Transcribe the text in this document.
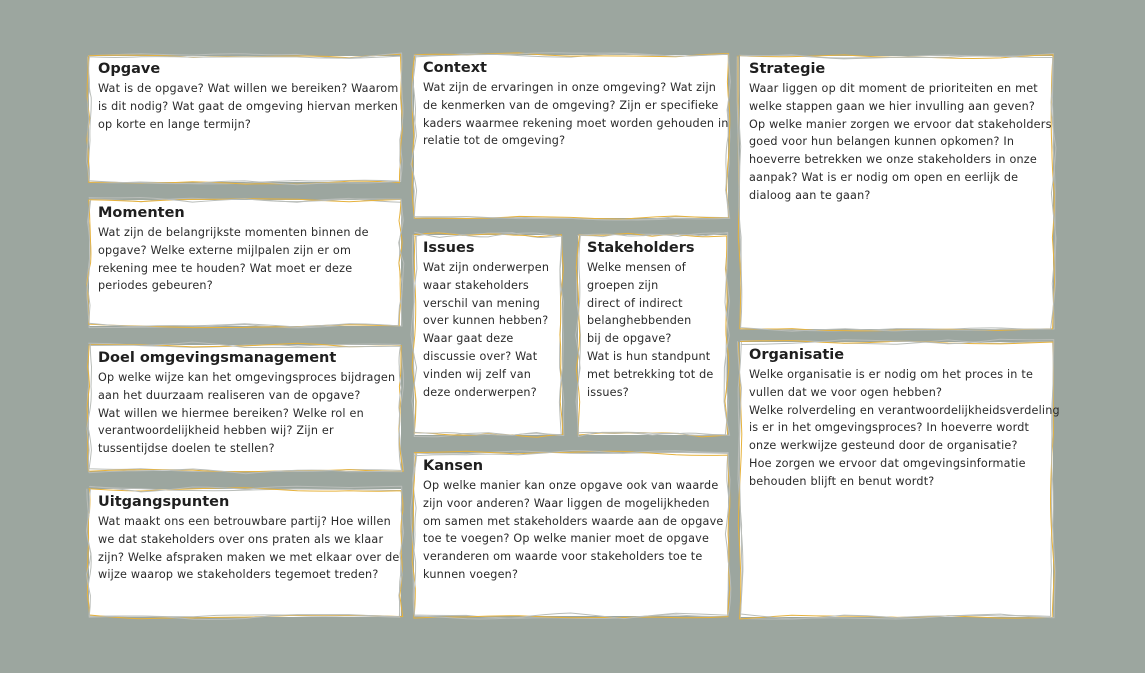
Opgave

Wat is de opgave? Wat willen we bereiken? Waarom
is dit nodig? Wat gaat de omgeving hiervan merken
op korte en lange termijn?

Momenten

Wat zijn de belangrijkste momenten binnen de
opgave? Welke externe mijlpalen zijn er om
rekening mee te houden? Wat moet er deze
periodes gebeuren?

Doel omgevingsmanagement

Op welke wijze kan het omgevingsproces bijdragen
aan het duurzaam realiseren van de opgave?
Wat willen we hiermee bereiken? Welke rol en
verantwoordelijkheid hebben wij? Zijn er
tussentijdse doelen te stellen?

Uitgangspunten

Wat maakt ons een betrouwbare partij? Hoe willen
we dat stakeholders over ons praten als we klaar
zijn? Welke afspraken maken we met elkaar over de
wijze waarop we stakeholders tegemoet treden?

Context

Wat zijn de ervaringen in onze omgeving? Wat zijn
de kenmerken van de omgeving? Zijn er specifieke
kaders waarmee rekening moet worden gehouden in
relatie tot de omgeving?

Issues

Wat zijn onderwerpen
waar stakeholders
verschil van mening
over kunnen hebben?
Waar gaat deze
discussie over? Wat
vinden wij zelf van
deze onderwerpen?

Stakeholders

Welke mensen of
groepen zijn
direct of indirect
belanghebbenden
bij de opgave?
Wat is hun standpunt
met betrekking tot de
issues?

Kansen

Op welke manier kan onze opgave ook van waarde
zijn voor anderen? Waar liggen de mogelijkheden
om samen met stakeholders waarde aan de opgave
toe te voegen? Op welke manier moet de opgave
veranderen om waarde voor stakeholders toe te
kunnen voegen?

Strategie

Waar liggen op dit moment de prioriteiten en met
welke stappen gaan we hier invulling aan geven?
Op welke manier zorgen we ervoor dat stakeholders
goed voor hun belangen kunnen opkomen? In
hoeverre betrekken we onze stakeholders in onze
aanpak? Wat is er nodig om open en eerlijk de
dialoog aan te gaan?

Organisatie

Welke organisatie is er nodig om het proces in te
vullen dat we voor ogen hebben?
Welke rolverdeling en verantwoordelijkheidsverdeling
is er in het omgevingsproces? In hoeverre wordt
onze werkwijze gesteund door de organisatie?
Hoe zorgen we ervoor dat omgevingsinformatie
behouden blijft en benut wordt?
